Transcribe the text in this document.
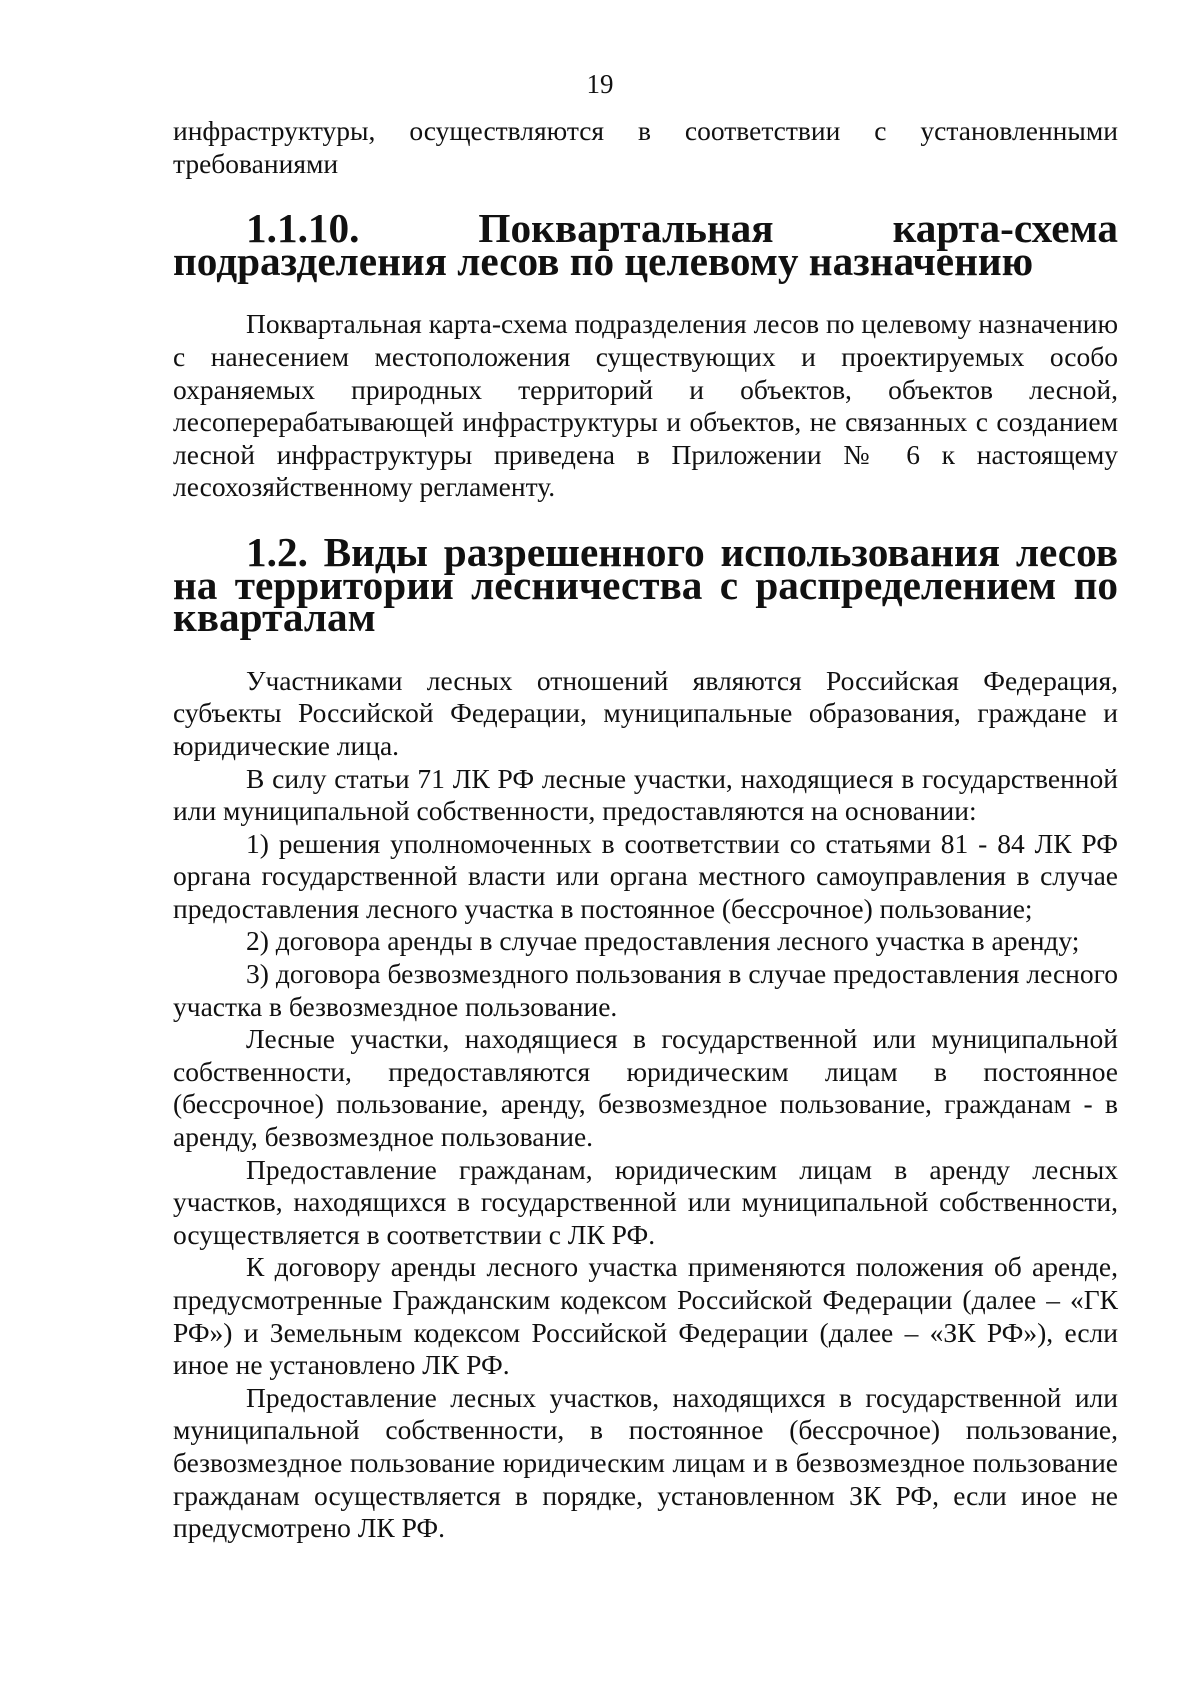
19

инфраструктуры, осуществляются в соответствии с установленными требованиями

1.1.10. Поквартальная карта-схема подразделения лесов по целевому назначению

Поквартальная карта-схема подразделения лесов по целевому назначению с нанесением местоположения существующих и проектируемых особо охраняемых природных территорий и объектов, объектов лесной, лесоперерабатывающей инфраструктуры и объектов, не связанных с созданием лесной инфраструктуры приведена в Приложении № 6 к настоящему лесохозяйственному регламенту.

1.2. Виды разрешенного использования лесов на территории лесничества с распределением по кварталам

Участниками лесных отношений являются Российская Федерация, субъекты Российской Федерации, муниципальные образования, граждане и юридические лица.

В силу статьи 71 ЛК РФ лесные участки, находящиеся в государственной или муниципальной собственности, предоставляются на основании:

1) решения уполномоченных в соответствии со статьями 81 - 84 ЛК РФ органа государственной власти или органа местного самоуправления в случае предоставления лесного участка в постоянное (бессрочное) пользование;

2) договора аренды в случае предоставления лесного участка в аренду;

3) договора безвозмездного пользования в случае предоставления лесного участка в безвозмездное пользование.

Лесные участки, находящиеся в государственной или муниципальной собственности, предоставляются юридическим лицам в постоянное (бессрочное) пользование, аренду, безвозмездное пользование, гражданам - в аренду, безвозмездное пользование.

Предоставление гражданам, юридическим лицам в аренду лесных участков, находящихся в государственной или муниципальной собственности, осуществляется в соответствии с ЛК РФ.

К договору аренды лесного участка применяются положения об аренде, предусмотренные Гражданским кодексом Российской Федерации (далее – «ГК РФ») и Земельным кодексом Российской Федерации (далее – «ЗК РФ»), если иное не установлено ЛК РФ.

Предоставление лесных участков, находящихся в государственной или муниципальной собственности, в постоянное (бессрочное) пользование, безвозмездное пользование юридическим лицам и в безвозмездное пользование гражданам осуществляется в порядке, установленном ЗК РФ, если иное не предусмотрено ЛК РФ.
